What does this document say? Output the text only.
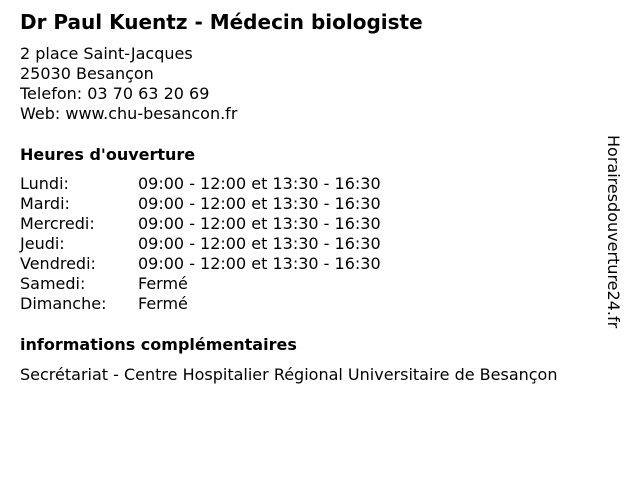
Dr Paul Kuentz - Médecin biologiste
2 place Saint-Jacques
25030 Besançon
Telefon: 03 70 63 20 69
Web: www.chu-besancon.fr
Heures d'ouverture
Lundi:	09:00 - 12:00 et 13:30 - 16:30
Mardi:	09:00 - 12:00 et 13:30 - 16:30
Mercredi:	09:00 - 12:00 et 13:30 - 16:30
Jeudi:	09:00 - 12:00 et 13:30 - 16:30
Vendredi:	09:00 - 12:00 et 13:30 - 16:30
Samedi:	Fermé
Dimanche:	Fermé
informations complémentaires
Secrétariat - Centre Hospitalier Régional Universitaire de Besançon
Horairesdouverture24.fr
